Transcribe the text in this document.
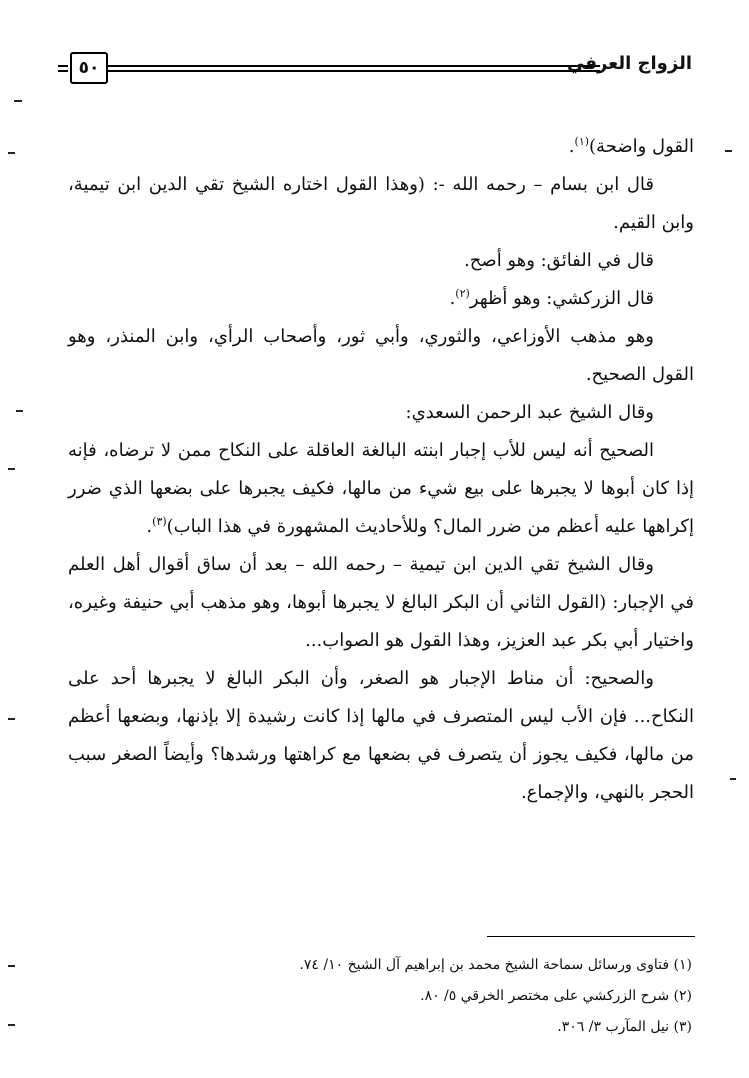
٥٠	الزواج العرفي

القول واضحة)$^{(١)}$.

قال ابن بسام – رحمه الله -: (وهذا القول اختاره الشيخ تقي الدين ابن تيمية، وابن القيم.

قال في الفائق: وهو أصح.

قال الزركشي: وهو أظهر$^{(٢)}$.

وهو مذهب الأوزاعي، والثوري، وأبي ثور، وأصحاب الرأي، وابن المنذر، وهو القول الصحيح.

وقال الشيخ عبد الرحمن السعدي:

الصحيح أنه ليس للأب إجبار ابنته البالغة العاقلة على النكاح ممن لا ترضاه، فإنه إذا كان أبوها لا يجبرها على بيع شيء من مالها، فكيف يجبرها على بضعها الذي ضرر إكراهها عليه أعظم من ضرر المال؟ وللأحاديث المشهورة في هذا الباب)$^{(٣)}$.

وقال الشيخ تقي الدين ابن تيمية – رحمه الله – بعد أن ساق أقوال أهل العلم في الإجبار: (القول الثاني أن البكر البالغ لا يجبرها أبوها، وهو مذهب أبي حنيفة وغيره، واختيار أبي بكر عبد العزيز، وهذا القول هو الصواب...

والصحيح: أن مناط الإجبار هو الصغر، وأن البكر البالغ لا يجبرها أحد على النكاح... فإن الأب ليس المتصرف في مالها إذا كانت رشيدة إلا بإذنها، وبضعها أعظم من مالها، فكيف يجوز أن يتصرف في بضعها مع كراهتها ورشدها؟ وأيضاً الصغر سبب الحجر بالنهي، والإجماع.

(١) فتاوى ورسائل سماحة الشيخ محمد بن إبراهيم آل الشيخ ١٠/ ٧٤.
(٢) شرح الزركشي على مختصر الخرقي ٥/ ٨٠.
(٣) نيل المآرب ٣/ ٣٠٦.
